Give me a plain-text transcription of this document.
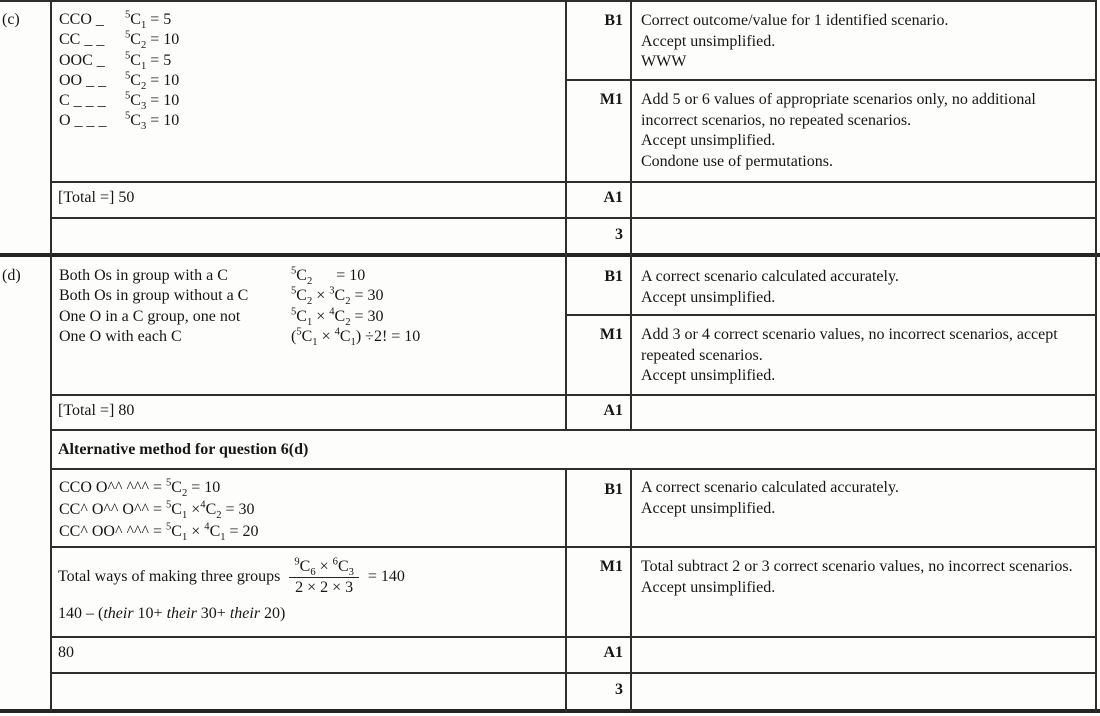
(c) CCO _ $^5C_1 = 5$
CC _ _ $^5C_2 = 10$
OOC _ $^5C_1 = 5$
OO _ _ $^5C_2 = 10$
C _ _ _ $^5C_3 = 10$
O _ _ _ $^5C_3 = 10$
B1 Correct outcome/value for 1 identified scenario.
Accept unsimplified.
WWW
M1 Add 5 or 6 values of appropriate scenarios only, no additional incorrect scenarios, no repeated scenarios.
Accept unsimplified.
Condone use of permutations.
[Total =] 50	A1
3
(d) Both Os in group with a C	$^5C_2$      = 10
Both Os in group without a C	$^5C_2 \times ^3C_2 = 30$
One O in a C group, one not	$^5C_1 \times ^4C_2 = 30$
One O with each C	$(^5C_1 \times ^4C_1) \div 2$! = 10
B1 A correct scenario calculated accurately.
Accept unsimplified.
M1 Add 3 or 4 correct scenario values, no incorrect scenarios, accept repeated scenarios.
Accept unsimplified.
[Total =] 80	A1
Alternative method for question 6(d)
CCO O^^ ^^^ = $^5C_2 = 10$
CC^ O^^ O^^ = $^5C_1 \times^4C_2 = 30$
CC^ OO^ ^^^ = $^5C_1 \times ^4C_1 = 20$
B1 A correct scenario calculated accurately.
Accept unsimplified.
Total ways of making three groups $\frac{^9C_6 \times ^6C_3}{2 \times 2 \times 3} = 140$
140 – (their 10+ their 30+ their 20)
M1 Total subtract 2 or 3 correct scenario values, no incorrect scenarios.
Accept unsimplified.
80	A1
3
